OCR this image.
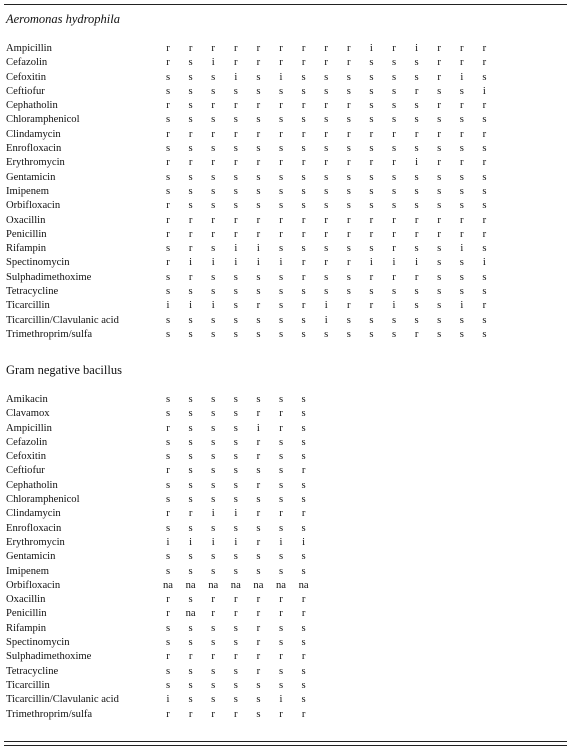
Aeromonas hydrophila
Ampicillin	r	r	r	r	r	r	r	r	r	i	r	i	r	r	r
Cefazolin	r	s	i	r	r	r	r	r	r	s	s	s	r	r	r
Cefoxitin	s	s	s	i	s	i	s	s	s	s	s	s	r	i	s
Ceftiofur	s	s	s	s	s	s	s	s	s	s	s	r	s	s	i
Cephatholin	r	s	r	r	r	r	r	r	r	s	s	s	r	r	r
Chloramphenicol	s	s	s	s	s	s	s	s	s	s	s	s	s	s	s
Clindamycin	r	r	r	r	r	r	r	r	r	r	r	r	r	r	r
Enrofloxacin	s	s	s	s	s	s	s	s	s	s	s	s	s	s	s
Erythromycin	r	r	r	r	r	r	r	r	r	r	r	i	r	r	r
Gentamicin	s	s	s	s	s	s	s	s	s	s	s	s	s	s	s
Imipenem	s	s	s	s	s	s	s	s	s	s	s	s	s	s	s
Orbifloxacin	r	s	s	s	s	s	s	s	s	s	s	s	s	s	s
Oxacillin	r	r	r	r	r	r	r	r	r	r	r	r	r	r	r
Penicillin	r	r	r	r	r	r	r	r	r	r	r	r	r	r	r
Rifampin	s	r	s	i	i	s	s	s	s	s	r	s	s	i	s
Spectinomycin	r	i	i	i	i	i	r	r	r	i	i	i	s	s	i
Sulphadimethoxime	s	r	s	s	s	s	r	s	s	r	r	r	s	s	s
Tetracycline	s	s	s	s	s	s	s	s	s	s	s	s	s	s	s
Ticarcillin	i	i	i	s	r	s	r	i	r	r	i	s	s	i	r
Ticarcillin/Clavulanic acid	s	s	s	s	s	s	s	i	s	s	s	s	s	s	s
Trimethroprim/sulfa	s	s	s	s	s	s	s	s	s	s	s	r	s	s	s
Gram negative bacillus
Amikacin	s	s	s	s	s	s	s
Clavamox	s	s	s	s	r	r	s
Ampicillin	r	s	s	s	i	r	s
Cefazolin	s	s	s	s	r	s	s
Cefoxitin	s	s	s	s	r	s	s
Ceftiofur	r	s	s	s	s	s	r
Cephatholin	s	s	s	s	r	s	s
Chloramphenicol	s	s	s	s	s	s	s
Clindamycin	r	r	i	i	r	r	r
Enrofloxacin	s	s	s	s	s	s	s
Erythromycin	i	i	i	i	r	i	i
Gentamicin	s	s	s	s	s	s	s
Imipenem	s	s	s	s	s	s	s
Orbifloxacin	na	na	na	na	na	na	na
Oxacillin	r	s	r	r	r	r	r
Penicillin	r	na	r	r	r	r	r
Rifampin	s	s	s	s	r	s	s
Spectinomycin	s	s	s	s	r	s	s
Sulphadimethoxime	r	r	r	r	r	r	r
Tetracycline	s	s	s	s	r	s	s
Ticarcillin	s	s	s	s	s	s	s
Ticarcillin/Clavulanic acid	i	s	s	s	s	i	s
Trimethroprim/sulfa	r	r	r	r	s	r	r
